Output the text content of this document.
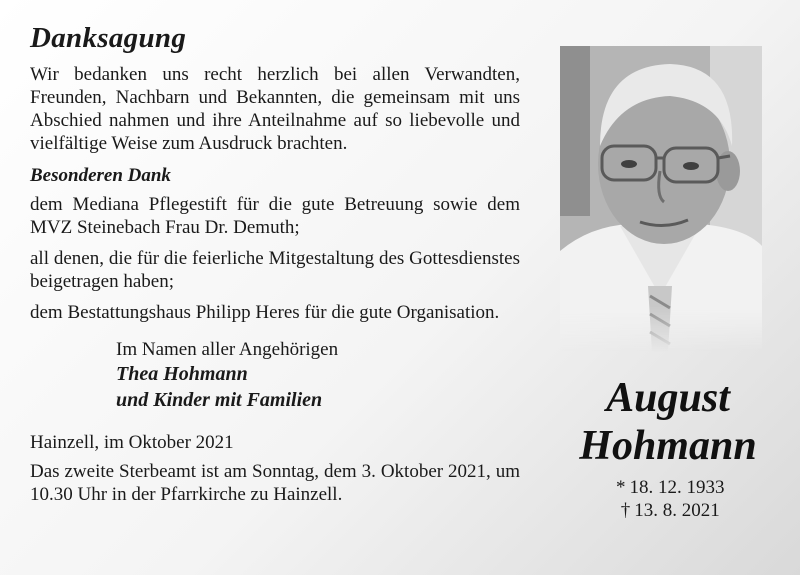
Danksagung

Wir bedanken uns recht herzlich bei allen Verwandten, Freunden, Nachbarn und Bekannten, die gemeinsam mit uns Abschied nahmen und ihre Anteilnahme auf so liebevolle und vielfältige Weise zum Ausdruck brachten.

Besonderen Dank

dem Mediana Pflegestift für die gute Betreuung sowie dem MVZ Steinebach Frau Dr. Demuth;

all denen, die für die feierliche Mitgestaltung des Gottesdienstes beigetragen haben;

dem Bestattungshaus Philipp Heres für die gute Organisation.

Im Namen aller Angehörigen
Thea Hohmann
und Kinder mit Familien

Hainzell, im Oktober 2021

Das zweite Sterbeamt ist am Sonntag, dem 3. Oktober 2021, um 10.30 Uhr in der Pfarrkirche zu Hainzell.

August
Hohmann
* 18. 12. 1933
† 13. 8. 2021
